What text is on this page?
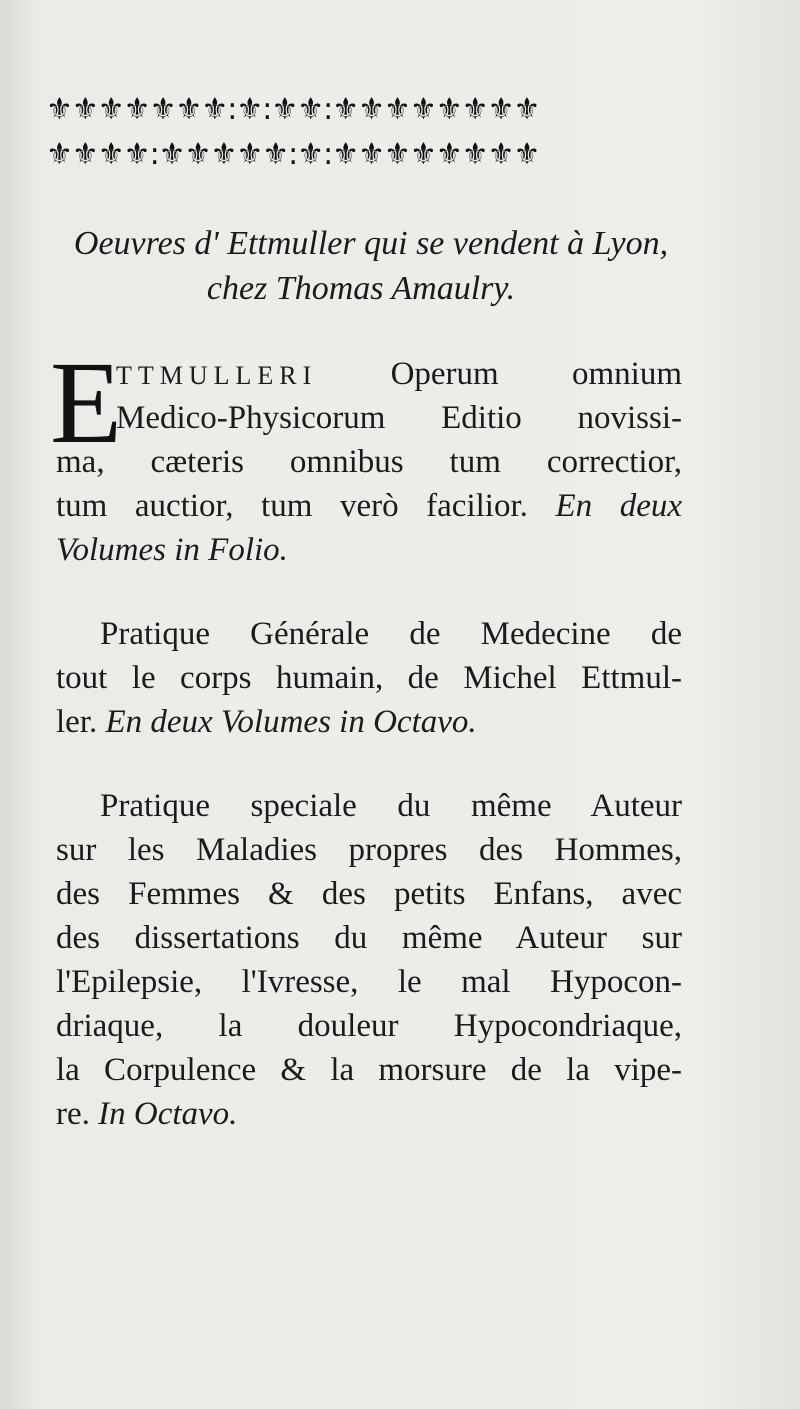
⚜⚜⚜⚜⚜⚜⚜:⚜:⚜⚜:⚜⚜⚜⚜⚜⚜⚜⚜
⚜⚜⚜⚜:⚜⚜⚜⚜⚜:⚜:⚜⚜⚜⚜⚜⚜⚜⚜
Oeuvres d' Ettmuller qui se vendent à Lyon,
chez Thomas Amaulry.
E
TTMULLERI Operum omnium
Medico-Physicorum Editio novissi-
ma, cæteris omnibus tum correctior,
tum auctior, tum verò facilior. En deux
Volumes in Folio.
Pratique Générale de Medecine de
tout le corps humain, de Michel Ettmul-
ler. En deux Volumes in Octavo.
Pratique speciale du même Auteur
sur les Maladies propres des Hommes,
des Femmes & des petits Enfans, avec
des dissertations du même Auteur sur
l'Epilepsie, l'Ivresse, le mal Hypocon-
driaque, la douleur Hypocondriaque,
la Corpulence & la morsure de la vipe-
re. In Octavo.
